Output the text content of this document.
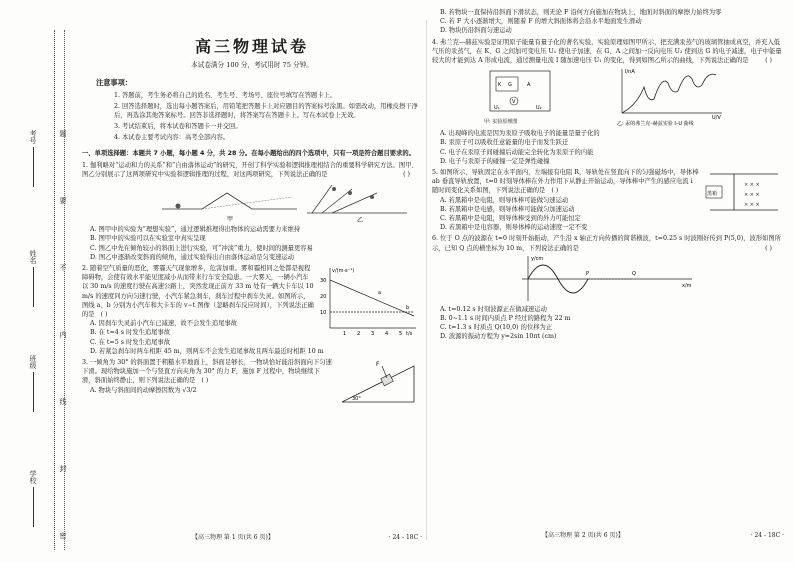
题
要
不
内
线
封
密
考号
姓名
班级
学校
高三物理试卷
本试卷满分 100 分，考试用时 75 分钟。
注意事项：
1. 答题前，考生务必将自己的姓名、考生号、考场号、座位号填写在答题卡上。
2. 回答选择题时，选出每小题答案后，用铅笔把答题卡上对应题目的答案标号涂黑。如需改动，用橡皮擦干净后，再选涂其他答案标号。回答非选择题时，将答案写在答题卡上。写在本试卷上无效。
3. 考试结束后，将本试卷和答题卡一并交回。
4. 本试卷主要考试内容：高考全部内容。
一、单项选择题：本题共 7 小题，每小题 4 分，共 28 分。在每小题给出的四个选项中，只有一项是符合题目要求的。
1. 伽利略对“运动和力的关系”和“自由落体运动”的研究，开创了科学实验和逻辑推理相结合的重要科学研究方法。图甲、图乙分别展示了这两项研究中实验和逻辑推理的过程，对这两项研究，下列说法正确的是	( )
甲	乙
A. 图甲中的实验为“理想实验”，通过逻辑推理得出物体的运动需要力来维持
B. 图甲中的实验可以在实验室中真实呈现
C. 图乙中先在倾角较小的斜面上进行实验，可“冲淡”重力，使时间的测量更容易
D. 图乙中逐渐改变斜面的倾角，通过实验得出自由落体运动是匀变速运动
2. 随着空气质量的恶化，雾霾天气现象增多，危害加重。雾和霾相同之处都是视程障碍物，会使有效水平能见度减小从而带来行车安全隐患。一大雾天，一辆小汽车以 30 m/s 的速度行驶在高速公路上，突然发现正前方 33 m 处有一辆大卡车以 10 m/s 的速度同方向匀速行驶，小汽车紧急刹车，刹车过程中刹车失灵。如图所示，图线 a、b 分别为小汽车和大卡车的 v−t 图像（忽略刹车反应时间），下列说法正确的是 ( )
v/(m·s⁻¹)
t/s
30
20
10
1 2 3 4 5
a
b
A. 因刹车失灵前小汽车已减速，故不会发生追尾事故
B. 在 t=4 s 时发生追尾事故
C. 在 t=5 s 时发生追尾事故
D. 若紧急刹车时两车相距 45 m，则两车不会发生追尾事故且两车最近时相距 10 m
3. 一倾角为 30° 的斜面置于粗糙水平地面上，斜面足够长，一物块恰好能沿斜面向下匀速下滑。现给物块施加一个与竖直方向夹角为 30° 的力 F，施加 F 过程中，物块继续下滑，斜面始终静止，则下列说法正确的是 ( )
F
30°
A. 物块与斜面间的动摩擦因数为 √3/2
【高三物理 第 1 页(共 6 页)】	· 24 - 18C ·
B. 若物块一直保持沿斜面下滑状态，则无论 F 沿何方向施加在物块上，地面对斜面的摩擦力始终为零
C. 若 F 大小逐渐增大，则随着 F 的增大斜面体将会沿水平地面发生滑动
D. 物块仍沿斜面匀速运动
4. 弗兰克—赫兹实验是证明原子能量有量子化的著名实验，实验原理如图甲所示，把充满汞蒸气的玻璃管抽成真空，并充入低气压的汞蒸气，在 K、G 之间加可变电压 U₁ 使电子加速，在 G、A 之间加一反向电压 U₂ 使到达 G 的电子减速，电子中能量较大的才能到达 A 形成电流，通过测量电流 I 随加速电压 U₁ 的变化，得到如图乙所示的曲线，下列说法正确的是	( )
K G	A
V
U₁	U₂
甲: 实验原理图
I/nA
U/V
乙: 汞的弗兰克–赫兹实验 I–U 曲线
A. 出现峰的电流是因为汞原子吸收电子的能量是量子化的
B. 汞原子可以吸收任意能量的电子而发生跃迁
C. 电子在汞原子间碰撞后动能完全转化为汞原子的内能
D. 电子与汞原子的碰撞一定是弹性碰撞
5. 如图所示，导轨固定在水平面内，左端接有电阻 R，导轨处在竖直向下的匀强磁场中，导体棒 ab 垂直导轨放置，t=0 时刻导体棒在外力作用下从静止开始运动，导体棒中产生的感应电流 i 随时间变化关系如图，下列说法正确的是 ( )	黑箱
× × ×
× × ×
× × ×
A. 若黑箱中是电阻，则导体棒可能做匀速运动
B. 若黑箱中是电感，则导体棒可能做匀加速运动
C. 若黑箱中是电阻，则导体棒受到的外力可能恒定
D. 若黑箱中是电容器，则导体棒的运动速度一定不变
6. 位于 O 点的波源在 t=0 时刻开始振动，产生沿 x 轴正方向传播的简谐横波，t=0.25 s 时波刚好传到 P(5,0)，波形如图所示，已知 Q 点的横坐标为 10 m，下列说法正确的是	( )
y/cm
x/m
P	Q
A. t=0.12 s 时刻波源正在做减速运动
B. 0~1.1 s 时间内质点 P 经过的路程为 22 m
C. t=1.3 s 时质点 Q(10,0) 的位移为正
D. 波源的振动方程为 y=2sin 10πt (cm)
【高三物理 第 2 页(共 6 页)】	· 24 - 18C ·
